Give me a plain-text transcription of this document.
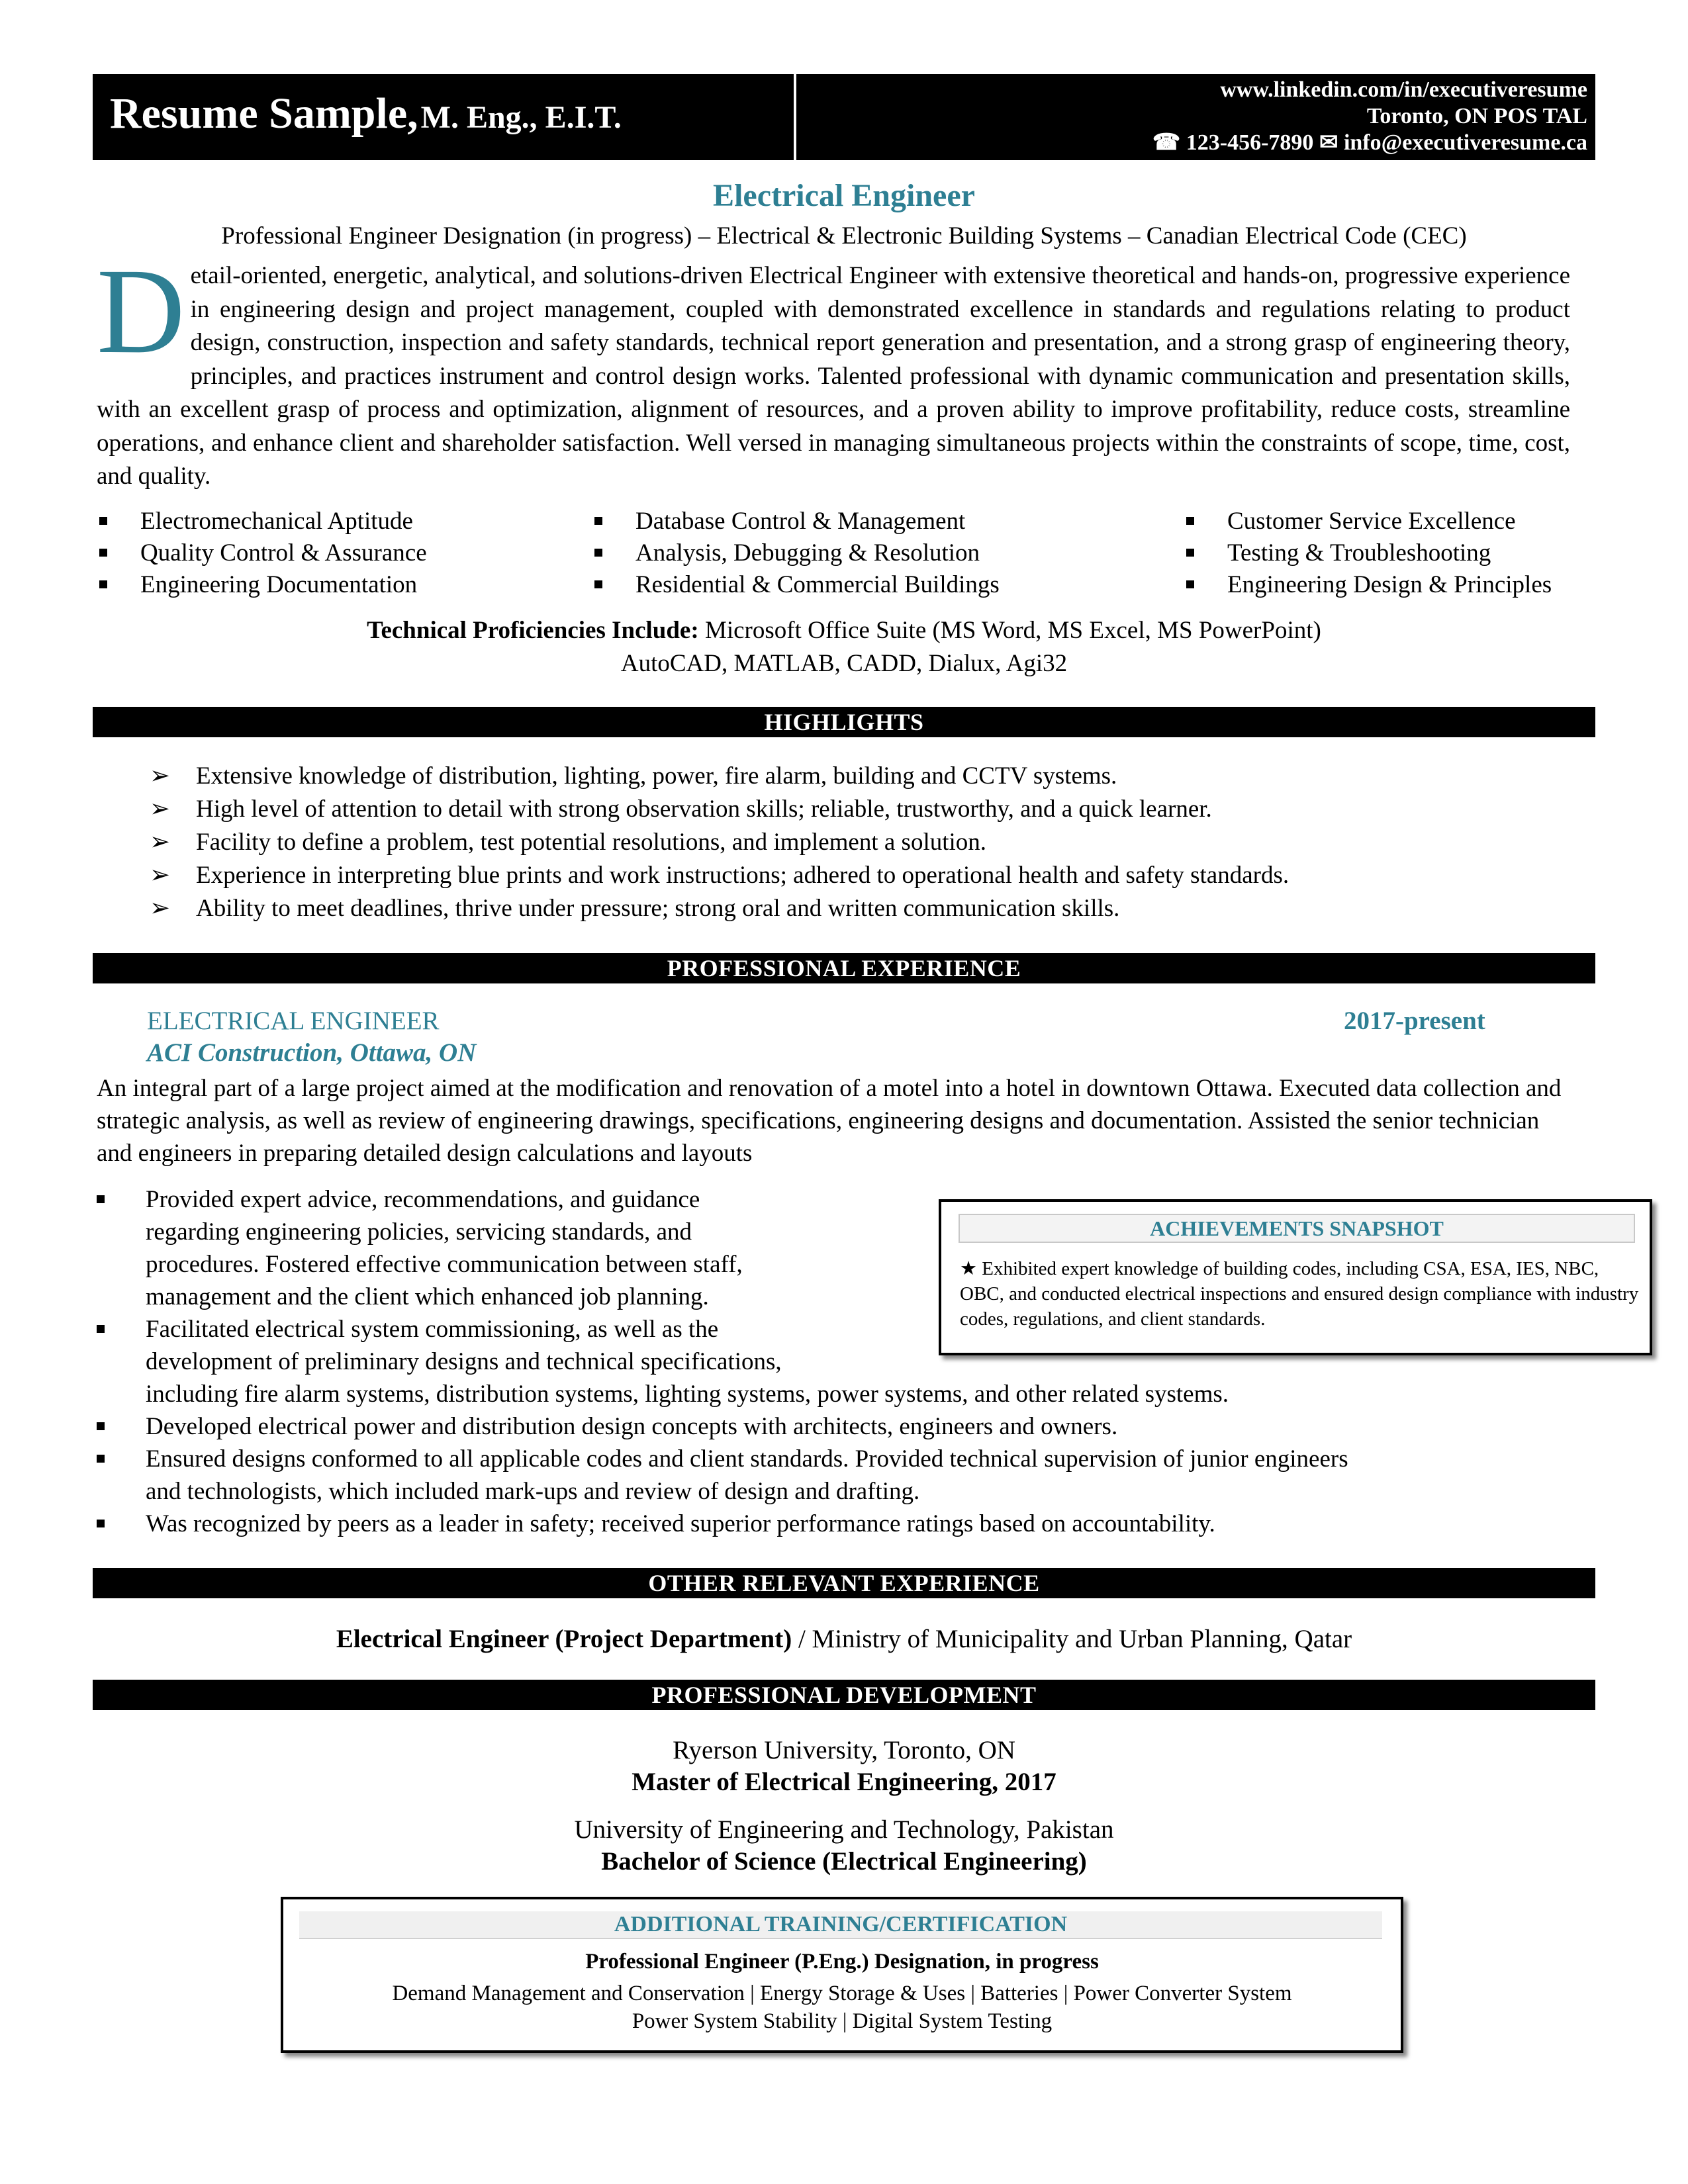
Resume Sample, M. Eng., E.I.T.
www.linkedin.com/in/executiveresume
Toronto, ON POS TAL
☎ 123-456-7890 ✉ info@executiveresume.ca
Electrical Engineer
Professional Engineer Designation (in progress) – Electrical & Electronic Building Systems – Canadian Electrical Code (CEC)
Detail-oriented, energetic, analytical, and solutions-driven Electrical Engineer with extensive theoretical and hands-on, progressive experience in engineering design and project management, coupled with demonstrated excellence in standards and regulations relating to product design, construction, inspection and safety standards, technical report generation and presentation, and a strong grasp of engineering theory, principles, and practices instrument and control design works. Talented professional with dynamic communication and presentation skills, with an excellent grasp of process and optimization, alignment of resources, and a proven ability to improve profitability, reduce costs, streamline operations, and enhance client and shareholder satisfaction. Well versed in managing simultaneous projects within the constraints of scope, time, cost, and quality.
Electromechanical Aptitude
Quality Control & Assurance
Engineering Documentation
Database Control & Management
Analysis, Debugging & Resolution
Residential & Commercial Buildings
Customer Service Excellence
Testing & Troubleshooting
Engineering Design & Principles
Technical Proficiencies Include: Microsoft Office Suite (MS Word, MS Excel, MS PowerPoint)
AutoCAD, MATLAB, CADD, Dialux, Agi32
HIGHLIGHTS
➢ Extensive knowledge of distribution, lighting, power, fire alarm, building and CCTV systems.
➢ High level of attention to detail with strong observation skills; reliable, trustworthy, and a quick learner.
➢ Facility to define a problem, test potential resolutions, and implement a solution.
➢ Experience in interpreting blue prints and work instructions; adhered to operational health and safety standards.
➢ Ability to meet deadlines, thrive under pressure; strong oral and written communication skills.
PROFESSIONAL EXPERIENCE
ELECTRICAL ENGINEER	2017-present
ACI Construction, Ottawa, ON
An integral part of a large project aimed at the modification and renovation of a motel into a hotel in downtown Ottawa. Executed data collection and strategic analysis, as well as review of engineering drawings, specifications, engineering designs and documentation. Assisted the senior technician and engineers in preparing detailed design calculations and layouts
Provided expert advice, recommendations, and guidance
regarding engineering policies, servicing standards, and
procedures. Fostered effective communication between staff,
management and the client which enhanced job planning.
Facilitated electrical system commissioning, as well as the
development of preliminary designs and technical specifications,
including fire alarm systems, distribution systems, lighting systems, power systems, and other related systems.
Developed electrical power and distribution design concepts with architects, engineers and owners.
Ensured designs conformed to all applicable codes and client standards. Provided technical supervision of junior engineers
and technologists, which included mark-ups and review of design and drafting.
Was recognized by peers as a leader in safety; received superior performance ratings based on accountability.
ACHIEVEMENTS SNAPSHOT
★ Exhibited expert knowledge of building codes, including CSA, ESA, IES, NBC, OBC, and conducted electrical inspections and ensured design compliance with industry codes, regulations, and client standards.
OTHER RELEVANT EXPERIENCE
Electrical Engineer (Project Department) / Ministry of Municipality and Urban Planning, Qatar
PROFESSIONAL DEVELOPMENT
Ryerson University, Toronto, ON
Master of Electrical Engineering, 2017
University of Engineering and Technology, Pakistan
Bachelor of Science (Electrical Engineering)
ADDITIONAL TRAINING/CERTIFICATION
Professional Engineer (P.Eng.) Designation, in progress
Demand Management and Conservation | Energy Storage & Uses | Batteries | Power Converter System
Power System Stability | Digital System Testing
